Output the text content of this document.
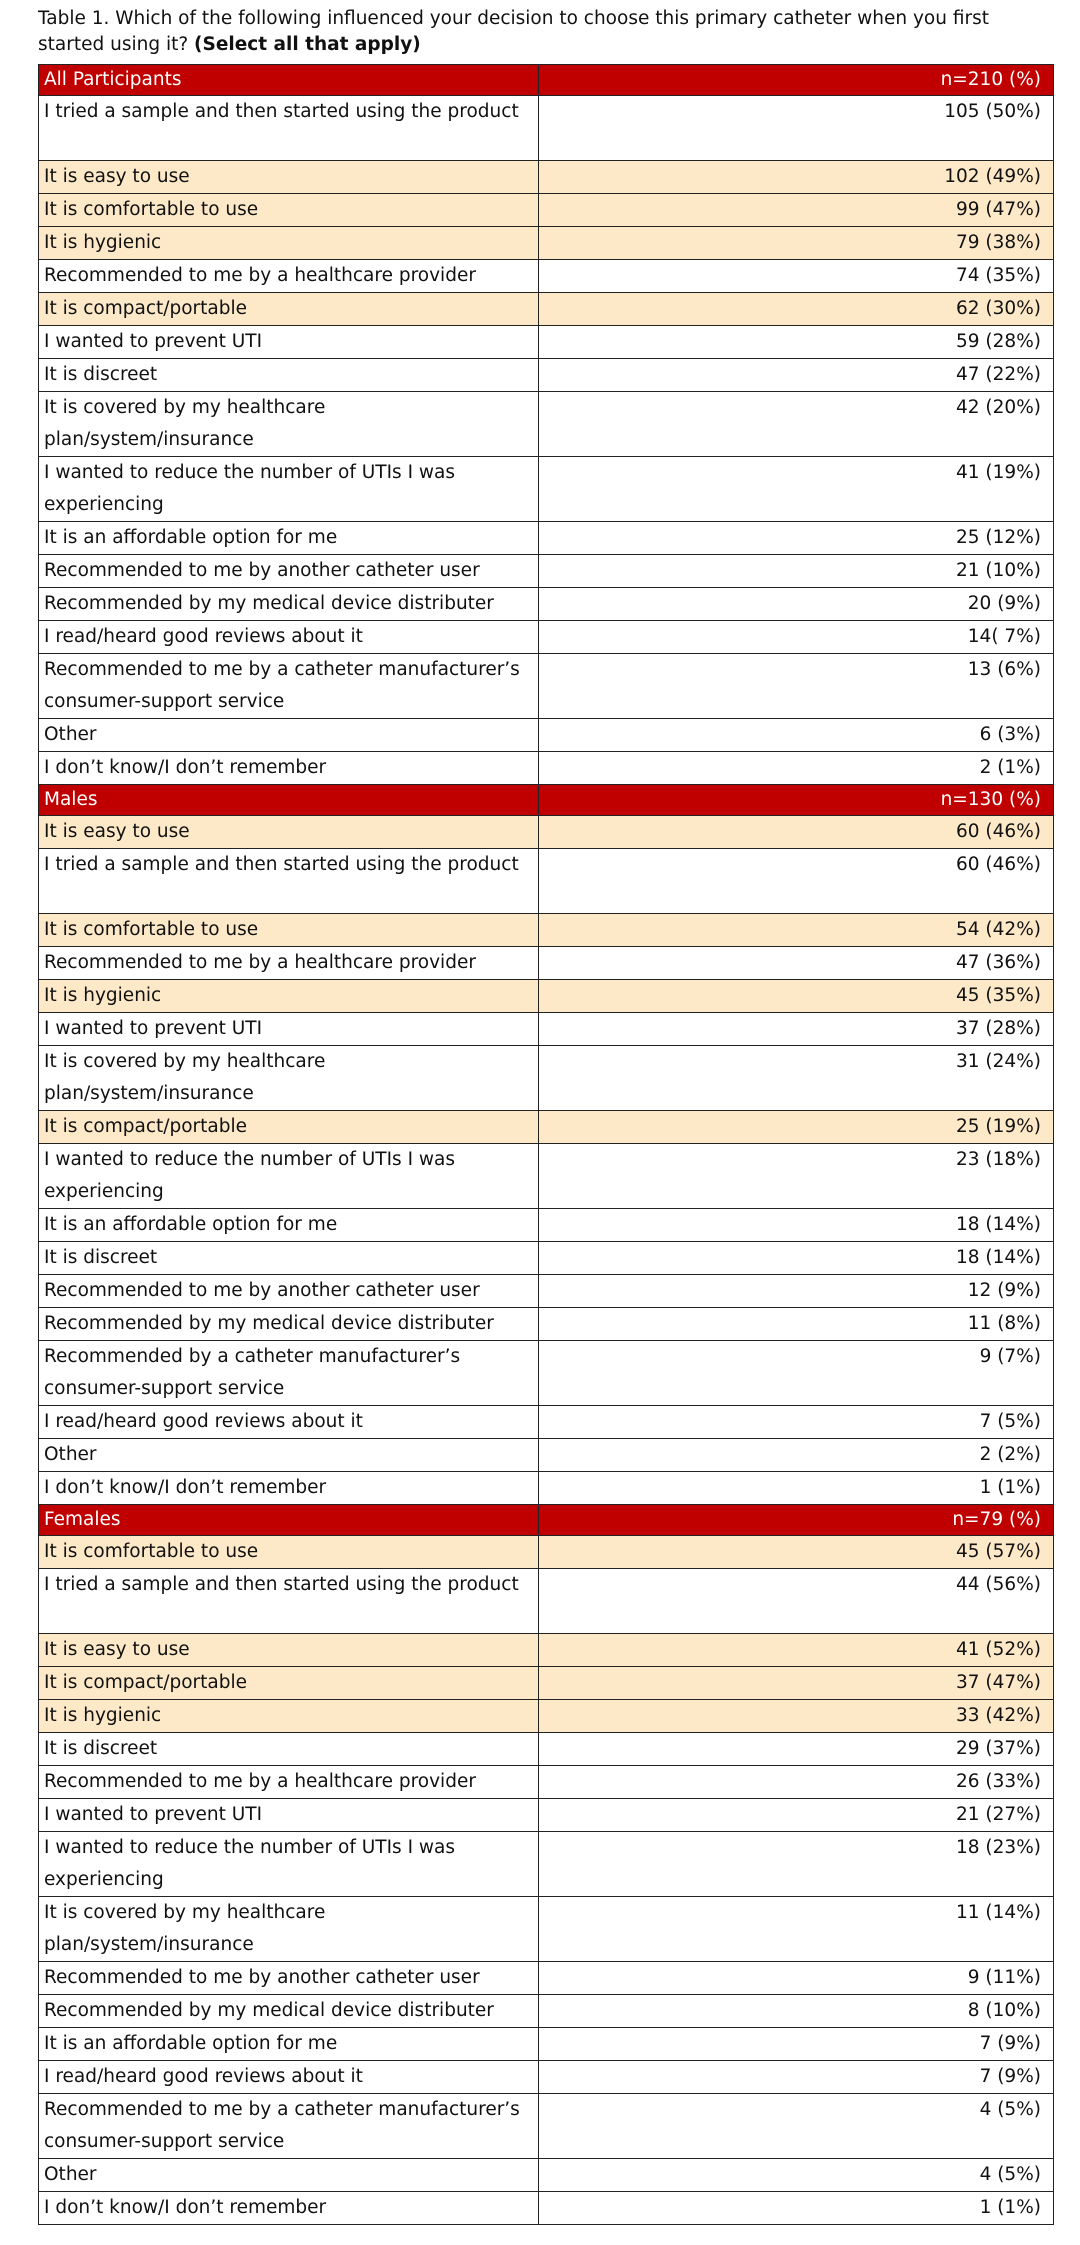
Table 1. Which of the following influenced your decision to choose this primary catheter when you first started using it? (Select all that apply)
All Participants	n=210 (%)
I tried a sample and then started using the product	105 (50%)
It is easy to use	102 (49%)
It is comfortable to use	99 (47%)
It is hygienic	79 (38%)
Recommended to me by a healthcare provider	74 (35%)
It is compact/portable	62 (30%)
I wanted to prevent UTI	59 (28%)
It is discreet	47 (22%)
It is covered by my healthcare plan/system/insurance	42 (20%)
I wanted to reduce the number of UTIs I was experiencing	41 (19%)
It is an affordable option for me	25 (12%)
Recommended to me by another catheter user	21 (10%)
Recommended by my medical device distributer	20 (9%)
I read/heard good reviews about it	14( 7%)
Recommended to me by a catheter manufacturer’s consumer-support service	13 (6%)
Other	6 (3%)
I don’t know/I don’t remember	2 (1%)
Males	n=130 (%)
It is easy to use	60 (46%)
I tried a sample and then started using the product	60 (46%)
It is comfortable to use	54 (42%)
Recommended to me by a healthcare provider	47 (36%)
It is hygienic	45 (35%)
I wanted to prevent UTI	37 (28%)
It is covered by my healthcare plan/system/insurance	31 (24%)
It is compact/portable	25 (19%)
I wanted to reduce the number of UTIs I was experiencing	23 (18%)
It is an affordable option for me	18 (14%)
It is discreet	18 (14%)
Recommended to me by another catheter user	12 (9%)
Recommended by my medical device distributer	11 (8%)
Recommended by a catheter manufacturer’s consumer-support service	9 (7%)
I read/heard good reviews about it	7 (5%)
Other	2 (2%)
I don’t know/I don’t remember	1 (1%)
Females	n=79 (%)
It is comfortable to use	45 (57%)
I tried a sample and then started using the product	44 (56%)
It is easy to use	41 (52%)
It is compact/portable	37 (47%)
It is hygienic	33 (42%)
It is discreet	29 (37%)
Recommended to me by a healthcare provider	26 (33%)
I wanted to prevent UTI	21 (27%)
I wanted to reduce the number of UTIs I was experiencing	18 (23%)
It is covered by my healthcare plan/system/insurance	11 (14%)
Recommended to me by another catheter user	9 (11%)
Recommended by my medical device distributer	8 (10%)
It is an affordable option for me	7 (9%)
I read/heard good reviews about it	7 (9%)
Recommended to me by a catheter manufacturer’s consumer-support service	4 (5%)
Other	4 (5%)
I don’t know/I don’t remember	1 (1%)
